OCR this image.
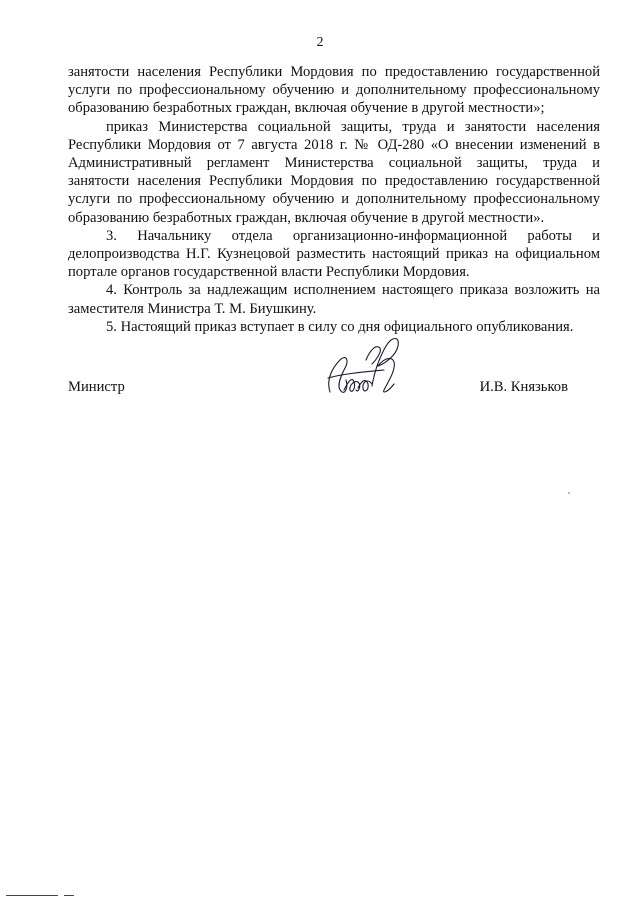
2

занятости населения Республики Мордовия по предоставлению государственной
услуги по профессиональному обучению и дополнительному профессиональному
образованию безработных граждан, включая обучение в другой местности»;

приказ Министерства социальной защиты, труда и занятости населения
Республики Мордовия от 7 августа 2018 г. № ОД-280 «О внесении изменений в
Административный регламент Министерства социальной защиты, труда и
занятости населения Республики Мордовия по предоставлению государственной
услуги по профессиональному обучению и дополнительному профессиональному
образованию безработных граждан, включая обучение в другой местности».

3. Начальнику отдела организационно-информационной работы и
делопроизводства Н.Г. Кузнецовой разместить настоящий приказ на официальном
портале органов государственной власти Республики Мордовия.

4. Контроль за надлежащим исполнением настоящего приказа возложить на
заместителя Министра Т. М. Биушкину.

5. Настоящий приказ вступает в силу со дня официального опубликования.

Министр	И.В. Князьков
